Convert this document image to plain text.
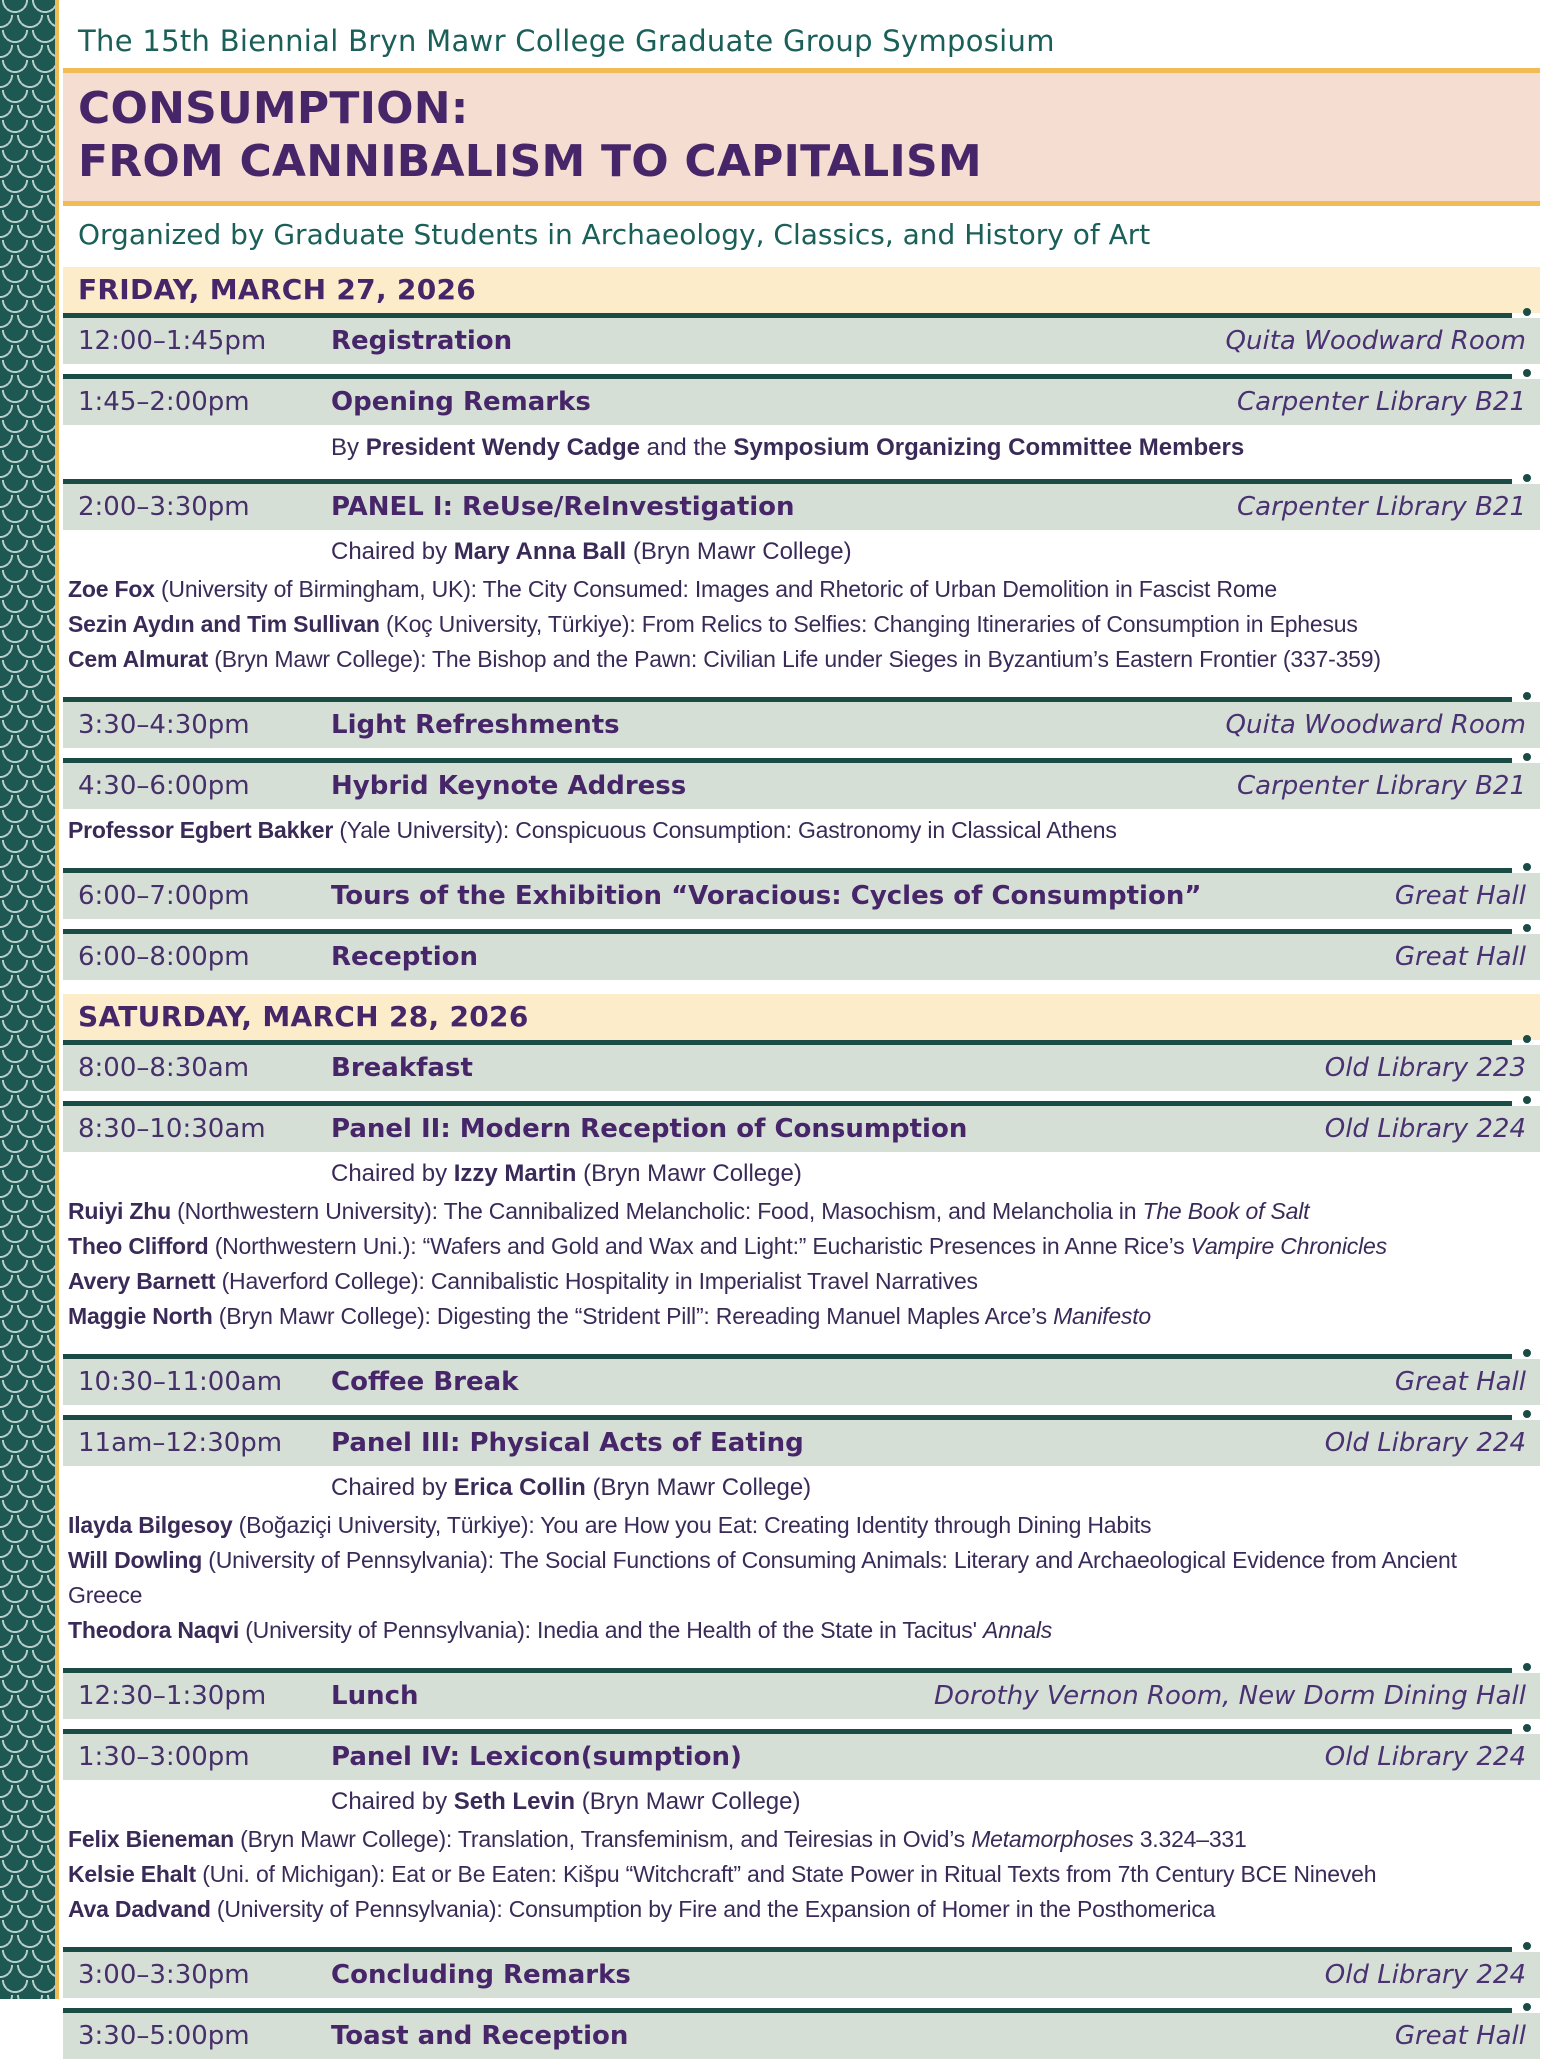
The 15th Biennial Bryn Mawr College Graduate Group Symposium
CONSUMPTION:
FROM CANNIBALISM TO CAPITALISM
Organized by Graduate Students in Archaeology, Classics, and History of Art
FRIDAY, MARCH 27, 2026
12:00–1:45pm	Registration	Quita Woodward Room
1:45–2:00pm	Opening Remarks	Carpenter Library B21

By President Wendy Cadge and the Symposium Organizing Committee Members

2:00–3:30pm	PANEL I: ReUse/ReInvestigation	Carpenter Library B21

Chaired by Mary Anna Ball (Bryn Mawr College)

Zoe Fox (University of Birmingham, UK): The City Consumed: Images and Rhetoric of Urban Demolition in Fascist Rome

Sezin Aydın and Tim Sullivan (Koç University, Türkiye): From Relics to Selfies: Changing Itineraries of Consumption in Ephesus

Cem Almurat (Bryn Mawr College): The Bishop and the Pawn: Civilian Life under Sieges in Byzantium’s Eastern Frontier (337-359)

3:30–4:30pm	Light Refreshments	Quita Woodward Room
4:30–6:00pm	Hybrid Keynote Address	Carpenter Library B21

Professor Egbert Bakker (Yale University): Conspicuous Consumption: Gastronomy in Classical Athens

6:00–7:00pm	Tours of the Exhibition “Voracious: Cycles of Consumption”	Great Hall
6:00–8:00pm	Reception	Great Hall
SATURDAY, MARCH 28, 2026
8:00–8:30am	Breakfast	Old Library 223
8:30–10:30am	Panel II: Modern Reception of Consumption	Old Library 224

Chaired by Izzy Martin (Bryn Mawr College)

Ruiyi Zhu (Northwestern University): The Cannibalized Melancholic: Food, Masochism, and Melancholia in The Book of Salt

Theo Clifford (Northwestern Uni.): “Wafers and Gold and Wax and Light:” Eucharistic Presences in Anne Rice’s Vampire Chronicles

Avery Barnett (Haverford College): Cannibalistic Hospitality in Imperialist Travel Narratives

Maggie North (Bryn Mawr College): Digesting the “Strident Pill”: Rereading Manuel Maples Arce’s Manifesto

10:30–11:00am	Coffee Break	Great Hall
11am–12:30pm	Panel III: Physical Acts of Eating	Old Library 224

Chaired by Erica Collin (Bryn Mawr College)

Ilayda Bilgesoy (Boğaziçi University, Türkiye): You are How you Eat: Creating Identity through Dining Habits

Will Dowling (University of Pennsylvania): The Social Functions of Consuming Animals: Literary and Archaeological Evidence from Ancient Greece

Theodora Naqvi (University of Pennsylvania): Inedia and the Health of the State in Tacitus' Annals

12:30–1:30pm	Lunch	Dorothy Vernon Room, New Dorm Dining Hall
1:30–3:00pm	Panel IV: Lexicon(sumption)	Old Library 224

Chaired by Seth Levin (Bryn Mawr College)

Felix Bieneman (Bryn Mawr College): Translation, Transfeminism, and Teiresias in Ovid’s Metamorphoses 3.324–331

Kelsie Ehalt (Uni. of Michigan): Eat or Be Eaten: Kišpu “Witchcraft” and State Power in Ritual Texts from 7th Century BCE Nineveh

Ava Dadvand (University of Pennsylvania): Consumption by Fire and the Expansion of Homer in the Posthomerica

3:00–3:30pm	Concluding Remarks	Old Library 224
3:30–5:00pm	Toast and Reception	Great Hall
